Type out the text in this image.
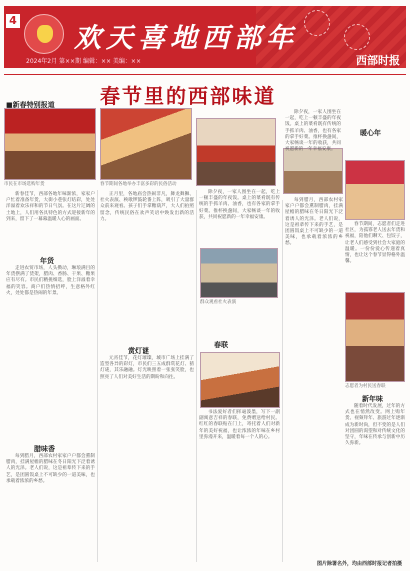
4
欢天喜地西部年
2024年2月 第××期 编辑：×× 美编：××	西部时报
春节里的西部味道
市民在市场选购年货	春节期间各地举办丰富多彩的民俗活动
群众观看社火表演
志愿者为村民送春联
■新春特别报道

新春佳节，西部各地年味渐浓，家家户户忙着准备年货，大街小巷张灯结彩，处处洋溢着欢乐祥和的节日气氛。在这片辽阔的土地上，人们用各具特色的方式迎接新年的到来，留下了一幕幕温暖人心的画面。

年货

走进农贸市场，人头攒动，琳琅满目的年货摆满了货架，腊肉、香肠、干果、糖果应有尽有。市民们精挑细选，脸上洋溢着幸福的笑容。商户们热情招呼，生意格外红火，处处都是热闹的年景。

腊味香

每到腊月，西部农村家家户户都会熏制腊肉，挂满屋檐的腊味在冬日阳光下泛着诱人的光泽。老人们说，这是祖辈传下来的手艺，是团圆饭桌上不可缺少的一道美味，也承载着浓浓的乡愁。

正月里，各地庙会热闹非凡，舞龙舞狮、社火表演、秧歌锣鼓轮番上阵，吸引了大量群众前来观看。孩子们手拿糖葫芦，大人们拍照留念，传统民俗在欢声笑语中焕发出新的活力。

赏灯谜

元宵佳节，花灯璀璨，城市广场上挂满了造型各异的彩灯，市民们三五成群赏花灯、猜灯谜，其乐融融。灯光映照着一张张笑脸，也照亮了人们对美好生活的期盼和向往。

除夕夜，一家人围坐在一起，吃上一顿丰盛的年夜饭。桌上的菜肴既有传统的手抓羊肉、油香，也有各家的拿手好菜。推杯换盏间，大家畅谈一年的收获，共同祝愿新的一年幸福安康。

春联

书法爱好者们挥毫泼墨，写下一副副寓意吉祥的春联，免费赠送给村民。红红的春联贴在门上，寄托着人们对新年的美好祝福，也让浓浓的年味在乡村里弥漫开来，温暖着每一个人的心。

除夕夜，一家人围坐在一起，吃上一顿丰盛的年夜饭。桌上的菜肴既有传统的手抓羊肉、油香，也有各家的拿手好菜。推杯换盏间，大家畅谈一年的收获，共同祝愿新的一年幸福安康。

每到腊月，西部农村家家户户都会熏制腊肉，挂满屋檐的腊味在冬日阳光下泛着诱人的光泽。老人们说，这是祖辈传下来的手艺，是团圆饭桌上不可缺少的一道美味，也承载着浓浓的乡愁。

暖心年

春节期间，志愿者们走进社区，为孤寡老人送去年货和祝福，陪他们聊天、包饺子，让老人们感受到社会大家庭的温暖。一份份爱心传递着真情，也让这个春节显得格外温馨。

新年味

随着时代发展，过年的方式也在悄然改变。网上购年货、视频拜年、旅游过年逐渐成为新时尚，但不变的是人们对团圆的渴望和对传统文化的坚守，年味在传承与创新中历久弥新。

图片除署名外，均由西部时报记者拍摄
